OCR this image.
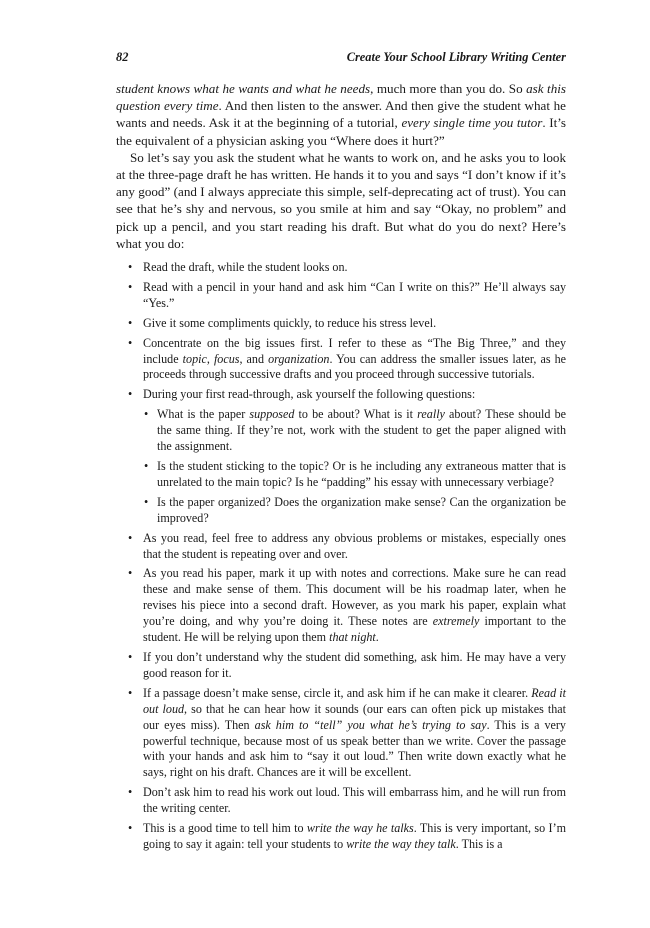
82	Create Your School Library Writing Center

student knows what he wants and what he needs, much more than you do. So ask this question every time. And then listen to the answer. And then give the student what he wants and needs. Ask it at the beginning of a tutorial, every single time you tutor. It’s the equivalent of a physician asking you “Where does it hurt?”

So let’s say you ask the student what he wants to work on, and he asks you to look at the three-page draft he has written. He hands it to you and says “I don’t know if it’s any good” (and I always appreciate this simple, self-deprecating act of trust). You can see that he’s shy and nervous, so you smile at him and say “Okay, no problem” and pick up a pencil, and you start reading his draft. But what do you do next? Here’s what you do:

• Read the draft, while the student looks on.
• Read with a pencil in your hand and ask him “Can I write on this?” He’ll always say “Yes.”
• Give it some compliments quickly, to reduce his stress level.
• Concentrate on the big issues first. I refer to these as “The Big Three,” and they include topic, focus, and organization. You can address the smaller issues later, as he proceeds through successive drafts and you proceed through successive tutorials.
• During your first read-through, ask yourself the following questions:
• What is the paper supposed to be about? What is it really about? These should be the same thing. If they’re not, work with the student to get the paper aligned with the assignment.
• Is the student sticking to the topic? Or is he including any extraneous matter that is unrelated to the main topic? Is he “padding” his essay with unnecessary verbiage?
• Is the paper organized? Does the organization make sense? Can the organization be improved?
• As you read, feel free to address any obvious problems or mistakes, especially ones that the student is repeating over and over.
• As you read his paper, mark it up with notes and corrections. Make sure he can read these and make sense of them. This document will be his roadmap later, when he revises his piece into a second draft. However, as you mark his paper, explain what you’re doing, and why you’re doing it. These notes are extremely important to the student. He will be relying upon them that night.
• If you don’t understand why the student did something, ask him. He may have a very good reason for it.
• If a passage doesn’t make sense, circle it, and ask him if he can make it clearer. Read it out loud, so that he can hear how it sounds (our ears can often pick up mistakes that our eyes miss). Then ask him to “tell” you what he’s trying to say. This is a very powerful technique, because most of us speak better than we write. Cover the passage with your hands and ask him to “say it out loud.” Then write down exactly what he says, right on his draft. Chances are it will be excellent.
• Don’t ask him to read his work out loud. This will embarrass him, and he will run from the writing center.
• This is a good time to tell him to write the way he talks. This is very important, so I’m going to say it again: tell your students to write the way they talk. This is a
